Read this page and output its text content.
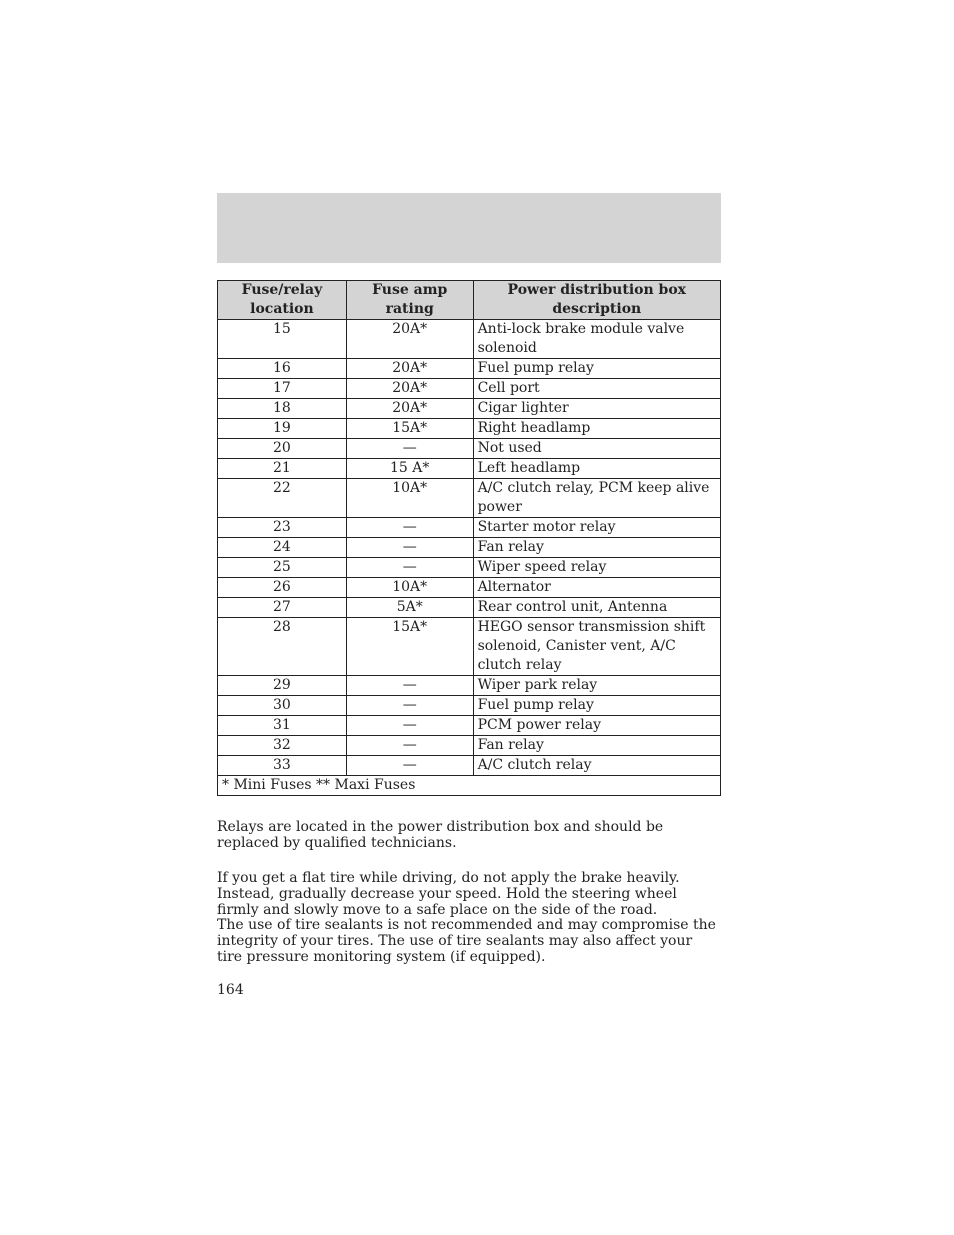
Fuse/relay location	Fuse amp rating	Power distribution box description
15	20A*	Anti-lock brake module valve solenoid
16	20A*	Fuel pump relay
17	20A*	Cell port
18	20A*	Cigar lighter
19	15A*	Right headlamp
20	—	Not used
21	15 A*	Left headlamp
22	10A*	A/C clutch relay, PCM keep alive power
23	—	Starter motor relay
24	—	Fan relay
25	—	Wiper speed relay
26	10A*	Alternator
27	5A*	Rear control unit, Antenna
28	15A*	HEGO sensor transmission shift solenoid, Canister vent, A/C clutch relay
29	—	Wiper park relay
30	—	Fuel pump relay
31	—	PCM power relay
32	—	Fan relay
33	—	A/C clutch relay
* Mini Fuses ** Maxi Fuses		

Relays are located in the power distribution box and should be replaced by qualified technicians.

If you get a flat tire while driving, do not apply the brake heavily. Instead, gradually decrease your speed. Hold the steering wheel firmly and slowly move to a safe place on the side of the road.

The use of tire sealants is not recommended and may compromise the integrity of your tires. The use of tire sealants may also affect your tire pressure monitoring system (if equipped).

164
